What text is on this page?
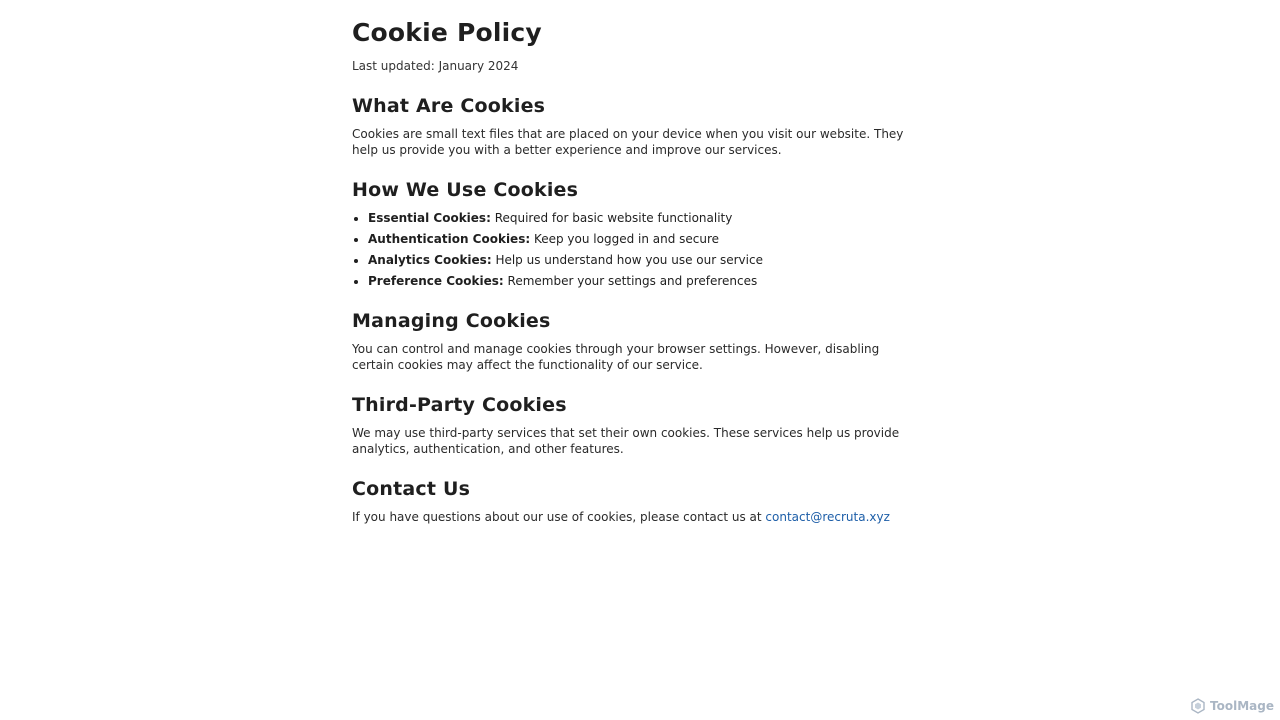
Cookie Policy
Last updated: January 2024
What Are Cookies

Cookies are small text files that are placed on your device when you visit our website. They help us provide you with a better experience and improve our services.

How We Use Cookies
• Essential Cookies: Required for basic website functionality
• Authentication Cookies: Keep you logged in and secure
• Analytics Cookies: Help us understand how you use our service
• Preference Cookies: Remember your settings and preferences
Managing Cookies

You can control and manage cookies through your browser settings. However, disabling certain cookies may affect the functionality of our service.

Third-Party Cookies

We may use third-party services that set their own cookies. These services help us provide analytics, authentication, and other features.

Contact Us

If you have questions about our use of cookies, please contact us at contact@recruta.xyz

ToolMage
